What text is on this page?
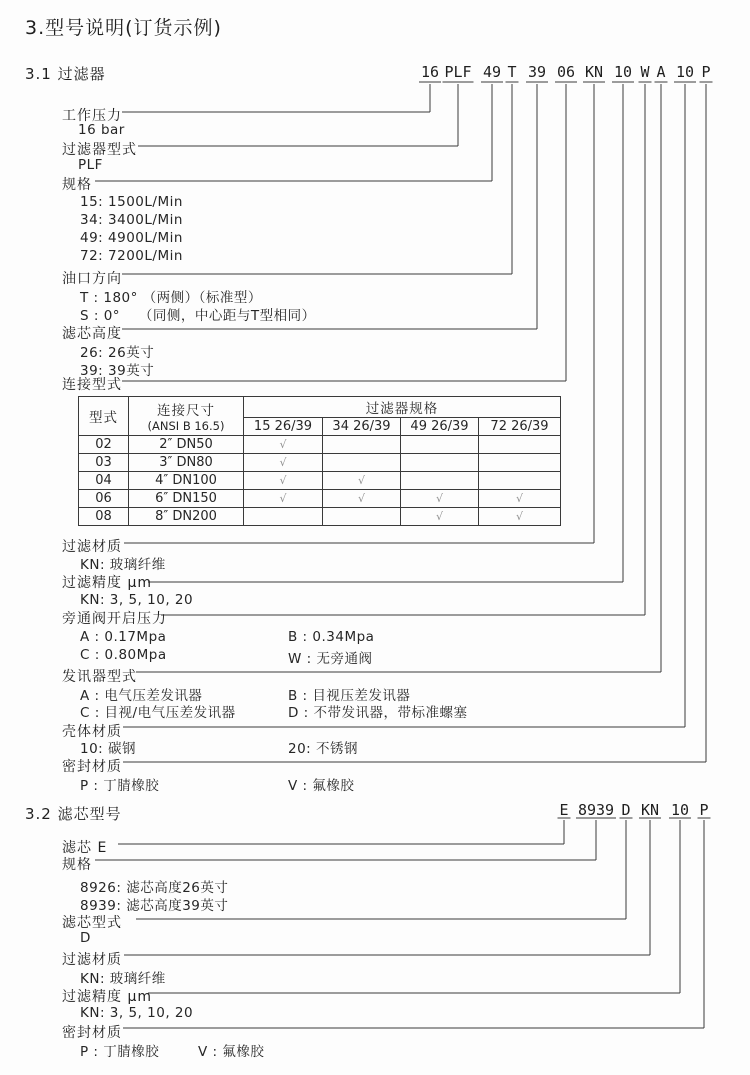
3.型号说明(订货示例)
3.1 过滤器	16 PLF 49 T 39 06 KN 10 W A 10 P
工作压力
16 bar
过滤器型式
PLF
规格
15: 1500L/Min
34: 3400L/Min
49: 4900L/Min
72: 7200L/Min
油口方向
T : 180° （两侧）（标准型）
S : 0°　 （同侧，中心距与T型相同）
滤芯高度
26: 26英寸
39: 39英寸
连接型式
型式	连接尺寸
(ANSI B 16.5)	过滤器规格			
		15 26/39	34 26/39	49 26/39	72 26/39
02	2″ DN50	√			
03	3″ DN80	√			
04	4″ DN100	√	√		
06	6″ DN150	√	√	√	√
08	8″ DN200			√	√
过滤材质
KN: 玻璃纤维
过滤精度 μm
KN: 3, 5, 10, 20
旁通阀开启压力
A : 0.17Mpa	B : 0.34Mpa
C : 0.80Mpa	W : 无旁通阀
发讯器型式
A : 电气压差发讯器	B : 目视压差发讯器
C : 目视/电气压差发讯器	D : 不带发讯器，带标准螺塞
壳体材质
10: 碳钢	20: 不锈钢
密封材质
P : 丁腈橡胶	V : 氟橡胶
3.2 滤芯型号	E 8939 D KN 10 P
滤芯 E
规格
8926: 滤芯高度26英寸
8939: 滤芯高度39英寸
滤芯型式
D
过滤材质
KN: 玻璃纤维
过滤精度 μm
KN: 3, 5, 10, 20
密封材质
P : 丁腈橡胶	V : 氟橡胶
